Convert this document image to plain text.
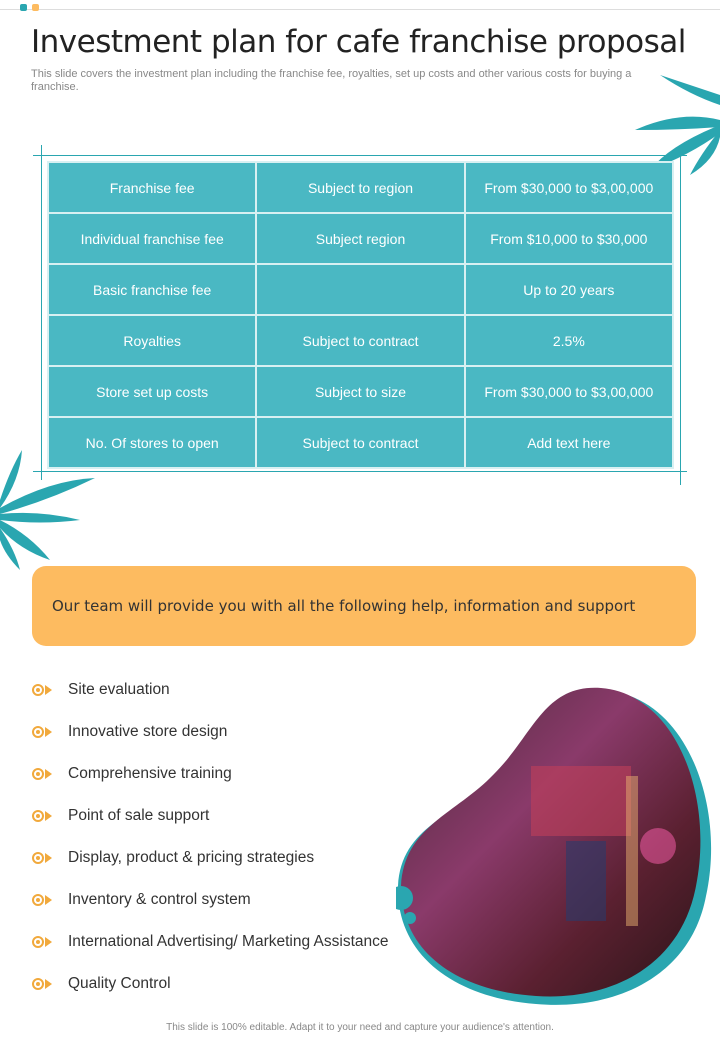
Investment plan for cafe franchise proposal
This slide covers the investment plan including the franchise fee, royalties, set up costs and other various costs for buying a franchise.
Franchise fee	Subject to region	From $30,000 to $3,00,000
Individual franchise fee	Subject region	From $10,000 to $30,000
Basic franchise fee		Up to 20 years
Royalties	Subject to contract	2.5%
Store set up costs	Subject to size	From $30,000 to $3,00,000
No. Of stores to open	Subject to contract	Add text here
Our team will provide you with all the following help, information and support
Site evaluation
Innovative store design
Comprehensive training
Point of sale support
Display, product & pricing strategies
Inventory & control system
International Advertising/ Marketing Assistance
Quality Control
This slide is 100% editable. Adapt it to your need and capture your audience's attention.
